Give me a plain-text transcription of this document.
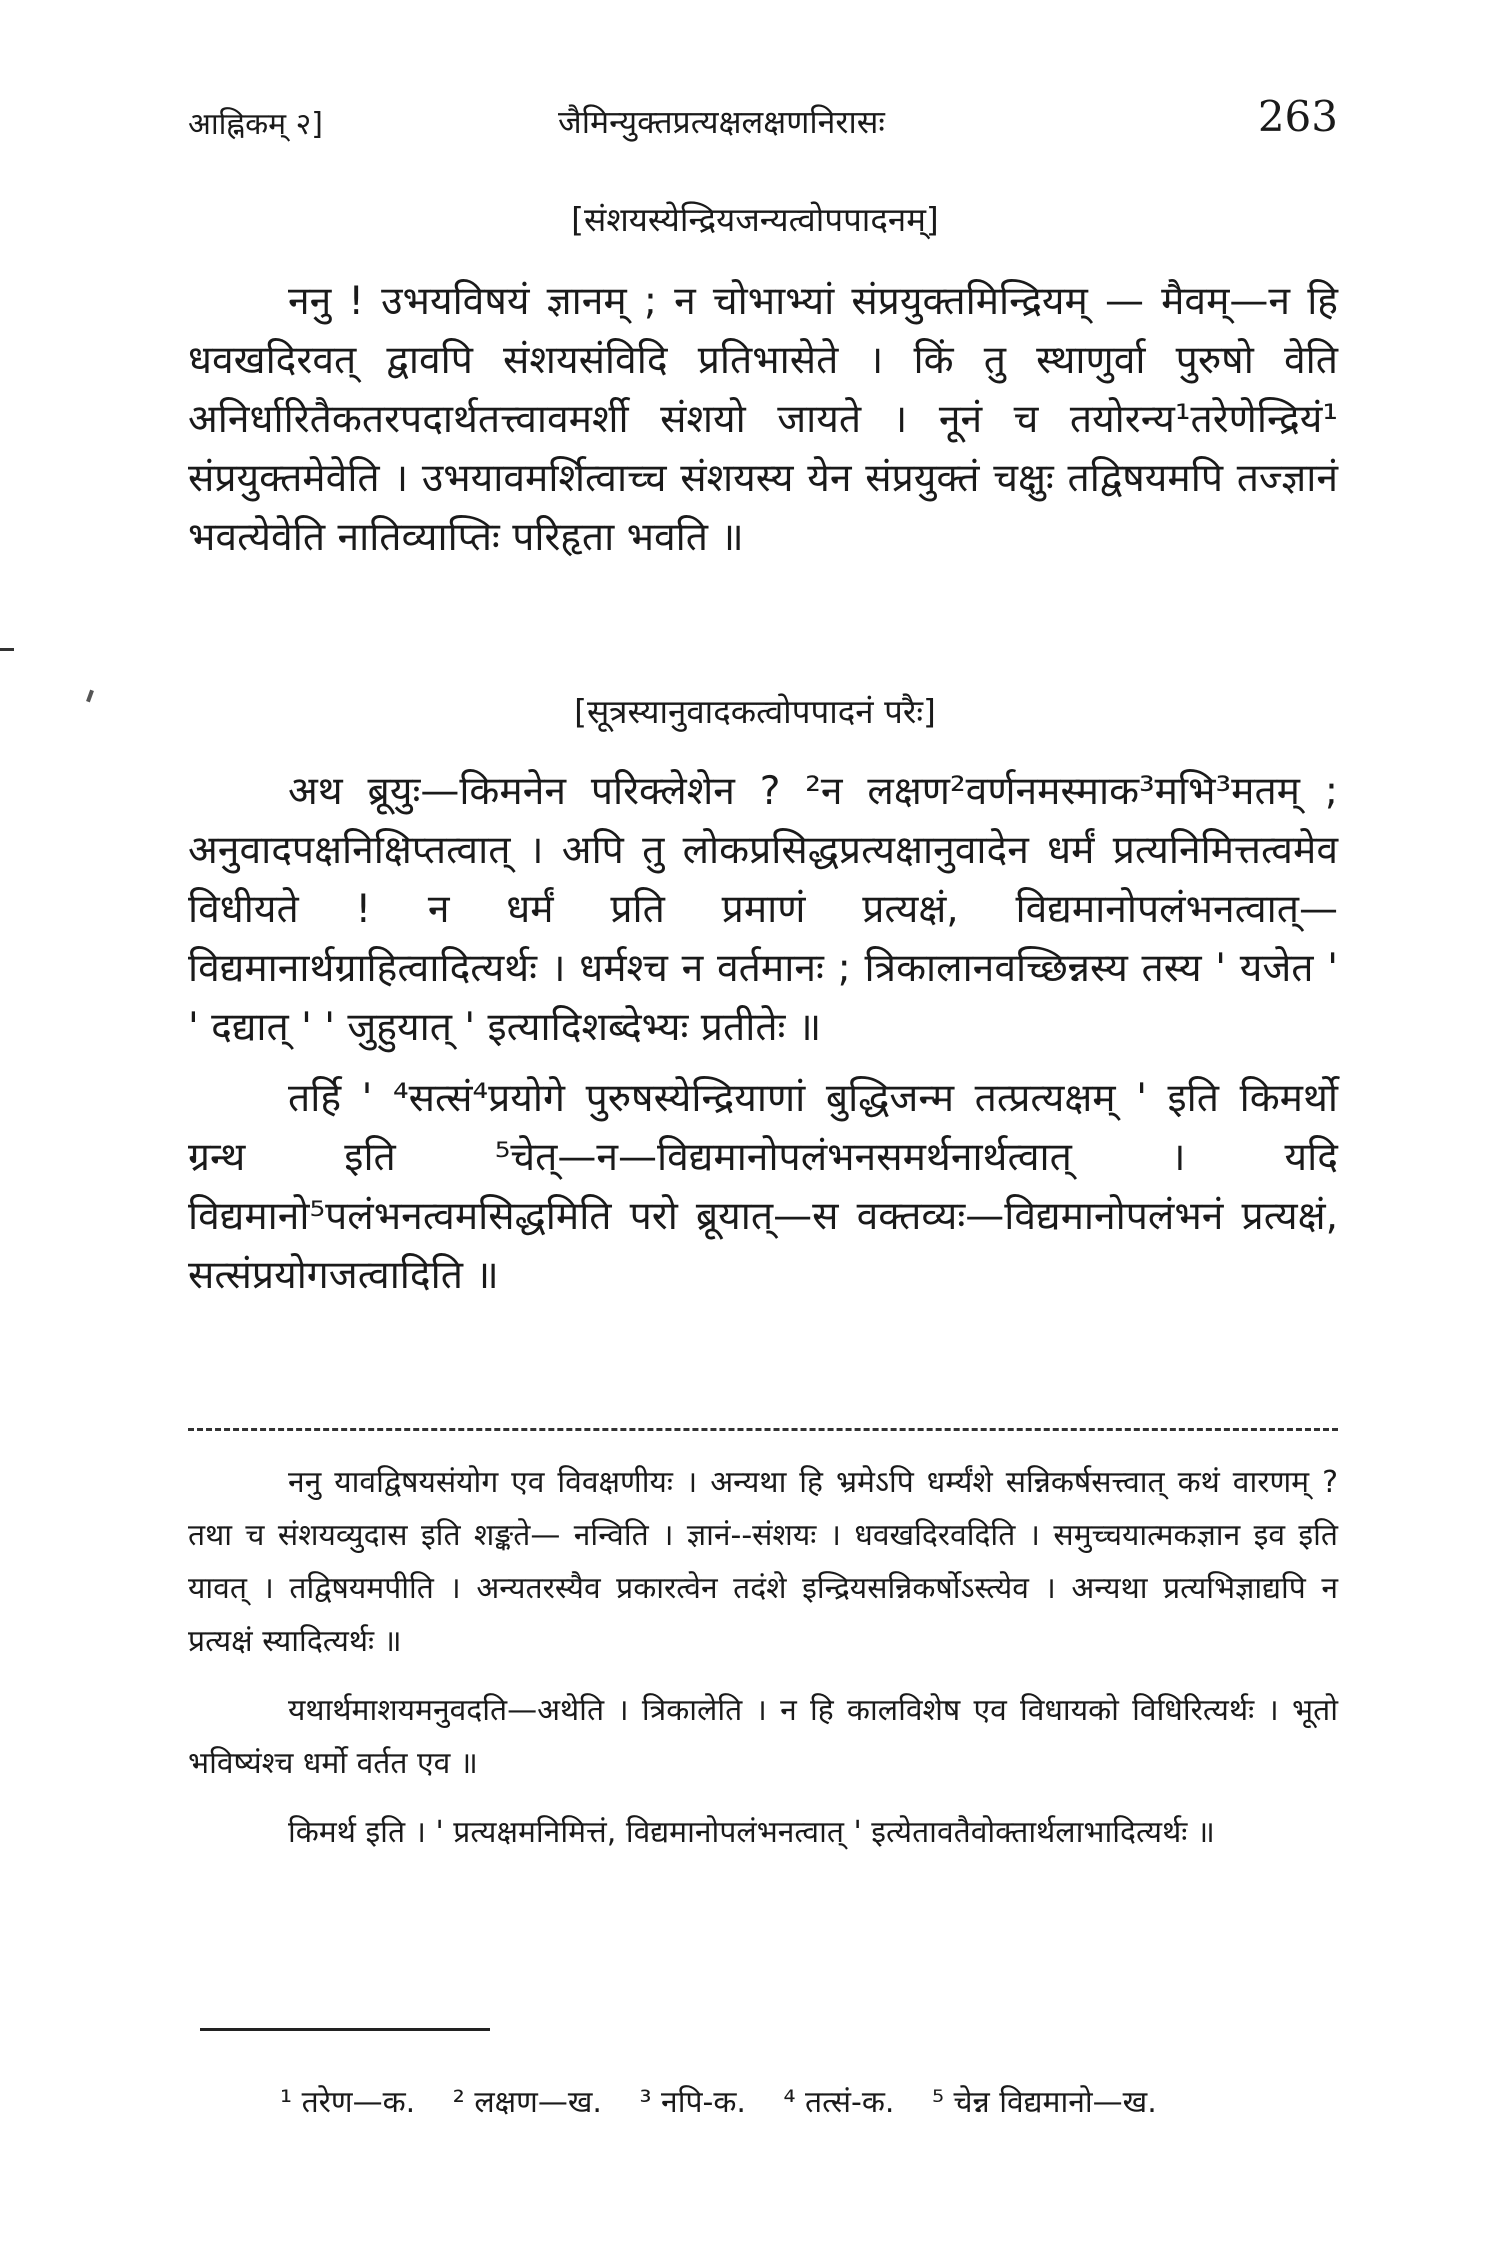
आह्निकम् २]	जैमिन्युक्तप्रत्यक्षलक्षणनिरासः	263
[संशयस्येन्द्रियजन्यत्वोपपादनम्]

ननु ! उभयविषयं ज्ञानम् ; न चोभाभ्यां संप्रयुक्तमिन्द्रियम् — मैवम्—न हि धवखदिरवत् द्वावपि संशयसंविदि प्रतिभासेते । किं तु स्थाणुर्वा पुरुषो वेति अनिर्धारितैकतरपदार्थतत्त्वावमर्शी संशयो जायते । नूनं च तयोरन्य¹तरेणेन्द्रियं¹ संप्रयुक्तमेवेति । उभयावमर्शित्वाच्च संशयस्य येन संप्रयुक्तं चक्षुः तद्विषयमपि तज्ज्ञानं भवत्येवेति नातिव्याप्तिः परिहृता भवति ॥

[सूत्रस्यानुवादकत्वोपपादनं परैः]

अथ ब्रूयुः—किमनेन परिक्लेशेन ? ²न लक्षण²वर्णनमस्माक³मभि³मतम् ; अनुवादपक्षनिक्षिप्तत्वात् । अपि तु लोकप्रसिद्धप्रत्यक्षानुवादेन धर्मं प्रत्यनिमित्तत्वमेव विधीयते ! न धर्मं प्रति प्रमाणं प्रत्यक्षं, विद्यमानोपलंभनत्वात्—विद्यमानार्थग्राहित्वादित्यर्थः । धर्मश्च न वर्तमानः ; त्रिकालानवच्छिन्नस्य तस्य ' यजेत ' ' दद्यात् ' ' जुहुयात् ' इत्यादिशब्देभ्यः प्रतीतेः ॥

तर्हि ' ⁴सत्सं⁴प्रयोगे पुरुषस्येन्द्रियाणां बुद्धिजन्म तत्प्रत्यक्षम् ' इति किमर्थो ग्रन्थ इति ⁵चेत्—न—विद्यमानोपलंभनसमर्थनार्थत्वात् । यदि विद्यमानो⁵पलंभनत्वमसिद्धमिति परो ब्रूयात्—स वक्तव्यः—विद्यमानोपलंभनं प्रत्यक्षं, सत्संप्रयोगजत्वादिति ॥

ननु यावद्विषयसंयोग एव विवक्षणीयः । अन्यथा हि भ्रमेऽपि धर्म्यंशे सन्निकर्षसत्त्वात् कथं वारणम् ? तथा च संशयव्युदास इति शङ्कते— नन्विति । ज्ञानं--संशयः । धवखदिरवदिति । समुच्चयात्मकज्ञान इव इति यावत् । तद्विषयमपीति । अन्यतरस्यैव प्रकारत्वेन तदंशे इन्द्रियसन्निकर्षोऽस्त्येव । अन्यथा प्रत्यभिज्ञाद्यपि न प्रत्यक्षं स्यादित्यर्थः ॥

यथार्थमाशयमनुवदति—अथेति । त्रिकालेति । न हि कालविशेष एव विधायको विधिरित्यर्थः । भूतो भविष्यंश्च धर्मो वर्तत एव ॥

किमर्थ इति । ' प्रत्यक्षमनिमित्तं, विद्यमानोपलंभनत्वात् ' इत्येतावतैवोक्तार्थलाभादित्यर्थः ॥

¹ तरेण—क. ² लक्षण—ख. ³ नपि-क. ⁴ तत्सं-क. ⁵ चेन्न विद्यमानो—ख.
